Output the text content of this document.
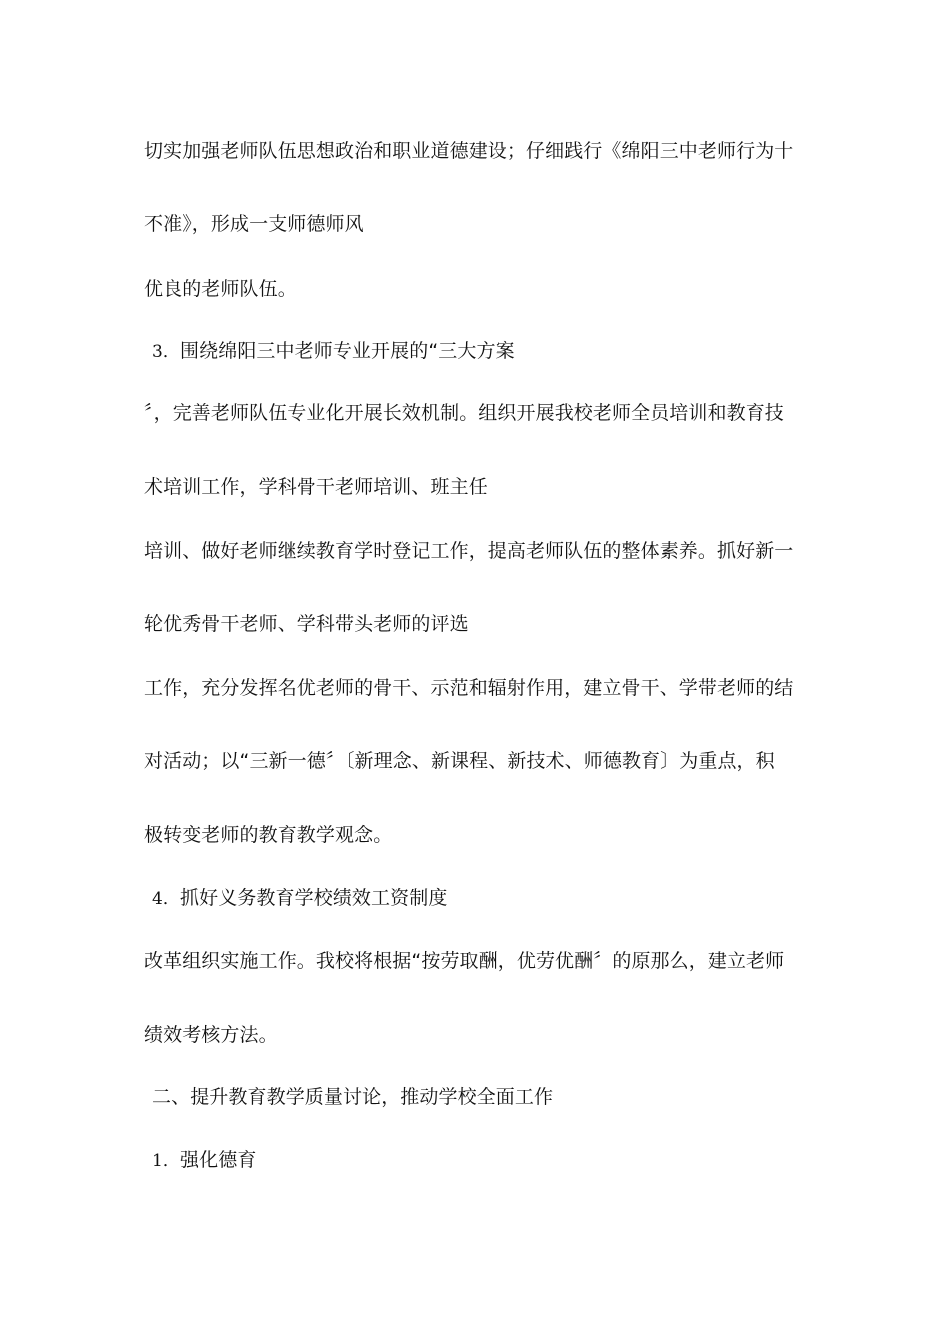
切实加强老师队伍思想政治和职业道德建设；仔细践行《绵阳三中老师行为十
不准》，形成一支师德师风
优良的老师队伍。
3．围绕绵阳三中老师专业开展的“三大方案
〞，完善老师队伍专业化开展长效机制。组织开展我校老师全员培训和教育技
术培训工作，学科骨干老师培训、班主任
培训、做好老师继续教育学时登记工作，提高老师队伍的整体素养。抓好新一
轮优秀骨干老师、学科带头老师的评选
工作，充分发挥名优老师的骨干、示范和辐射作用，建立骨干、学带老师的结
对活动；以“三新一德〞〔新理念、新课程、新技术、师德教育〕为重点，积
极转变老师的教育教学观念。
4．抓好义务教育学校绩效工资制度
改革组织实施工作。我校将根据“按劳取酬，优劳优酬〞的原那么，建立老师
绩效考核方法。
二、提升教育教学质量讨论，推动学校全面工作
1．强化德育
